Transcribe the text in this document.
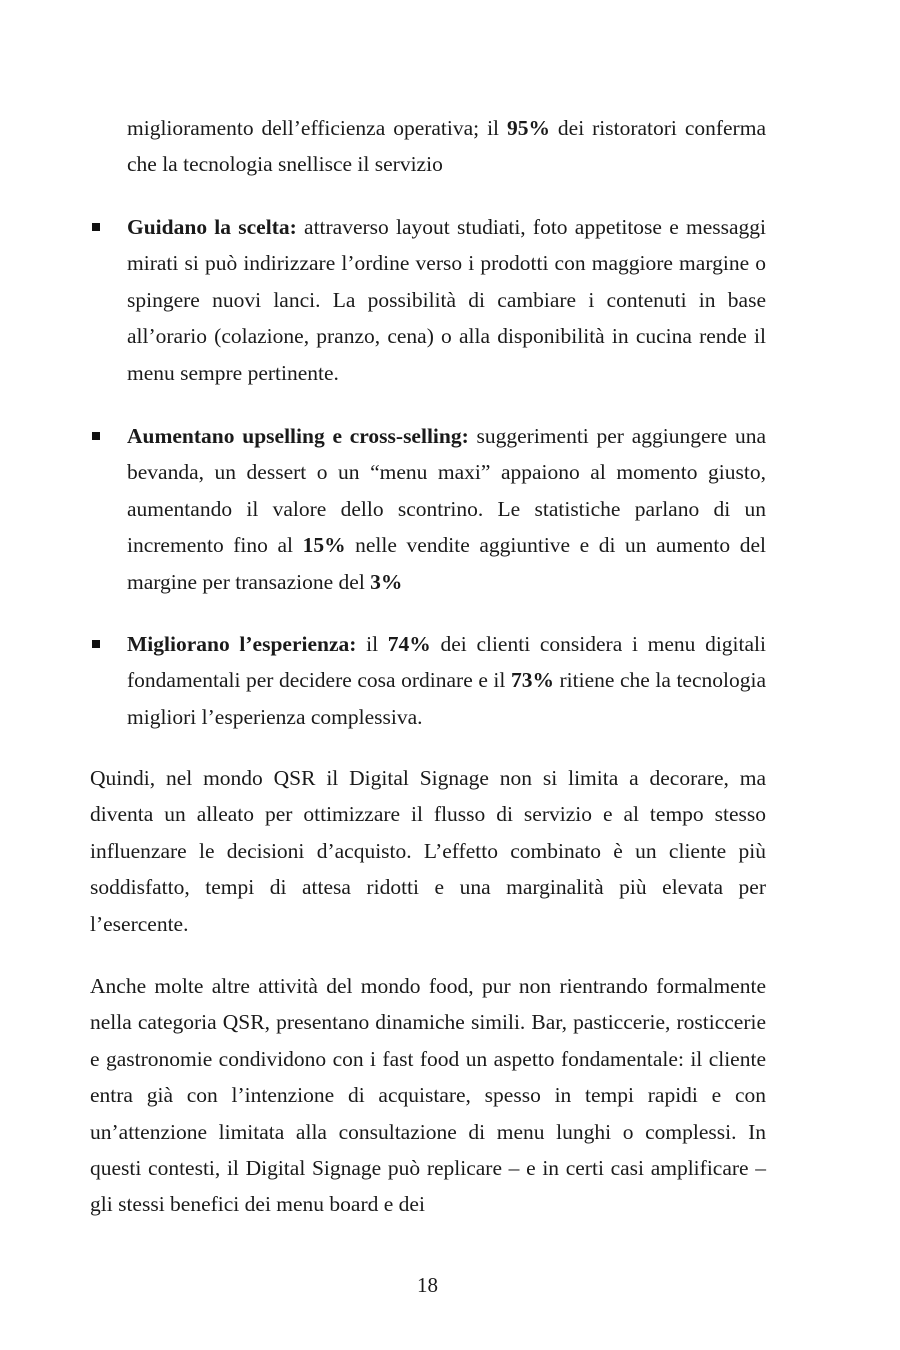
miglioramento dell’efficienza operativa; il 95% dei ristoratori conferma che la tecnologia snellisce il servizio
Guidano la scelta: attraverso layout studiati, foto appetitose e messaggi mirati si può indirizzare l’ordine verso i prodotti con maggiore margine o spingere nuovi lanci. La possibilità di cambiare i contenuti in base all’orario (colazione, pranzo, cena) o alla disponibilità in cucina rende il menu sempre pertinente.
Aumentano upselling e cross-selling: suggerimenti per aggiungere una bevanda, un dessert o un “menu maxi” appaiono al momento giusto, aumentando il valore dello scontrino. Le statistiche parlano di un incremento fino al 15% nelle vendite aggiuntive e di un aumento del margine per transazione del 3%
Migliorano l’esperienza: il 74% dei clienti considera i menu digitali fondamentali per decidere cosa ordinare e il 73% ritiene che la tecnologia migliori l’esperienza complessiva.

Quindi, nel mondo QSR il Digital Signage non si limita a decorare, ma diventa un alleato per ottimizzare il flusso di servizio e al tempo stesso influenzare le decisioni d’acquisto. L’effetto combinato è un cliente più soddisfatto, tempi di attesa ridotti e una marginalità più elevata per l’esercente.

Anche molte altre attività del mondo food, pur non rientrando formalmente nella categoria QSR, presentano dinamiche simili. Bar, pasticcerie, rosticcerie e gastronomie condividono con i fast food un aspetto fondamentale: il cliente entra già con l’intenzione di acquistare, spesso in tempi rapidi e con un’attenzione limitata alla consultazione di menu lunghi o complessi. In questi contesti, il Digital Signage può replicare – e in certi casi amplificare – gli stessi benefici dei menu board e dei

18
